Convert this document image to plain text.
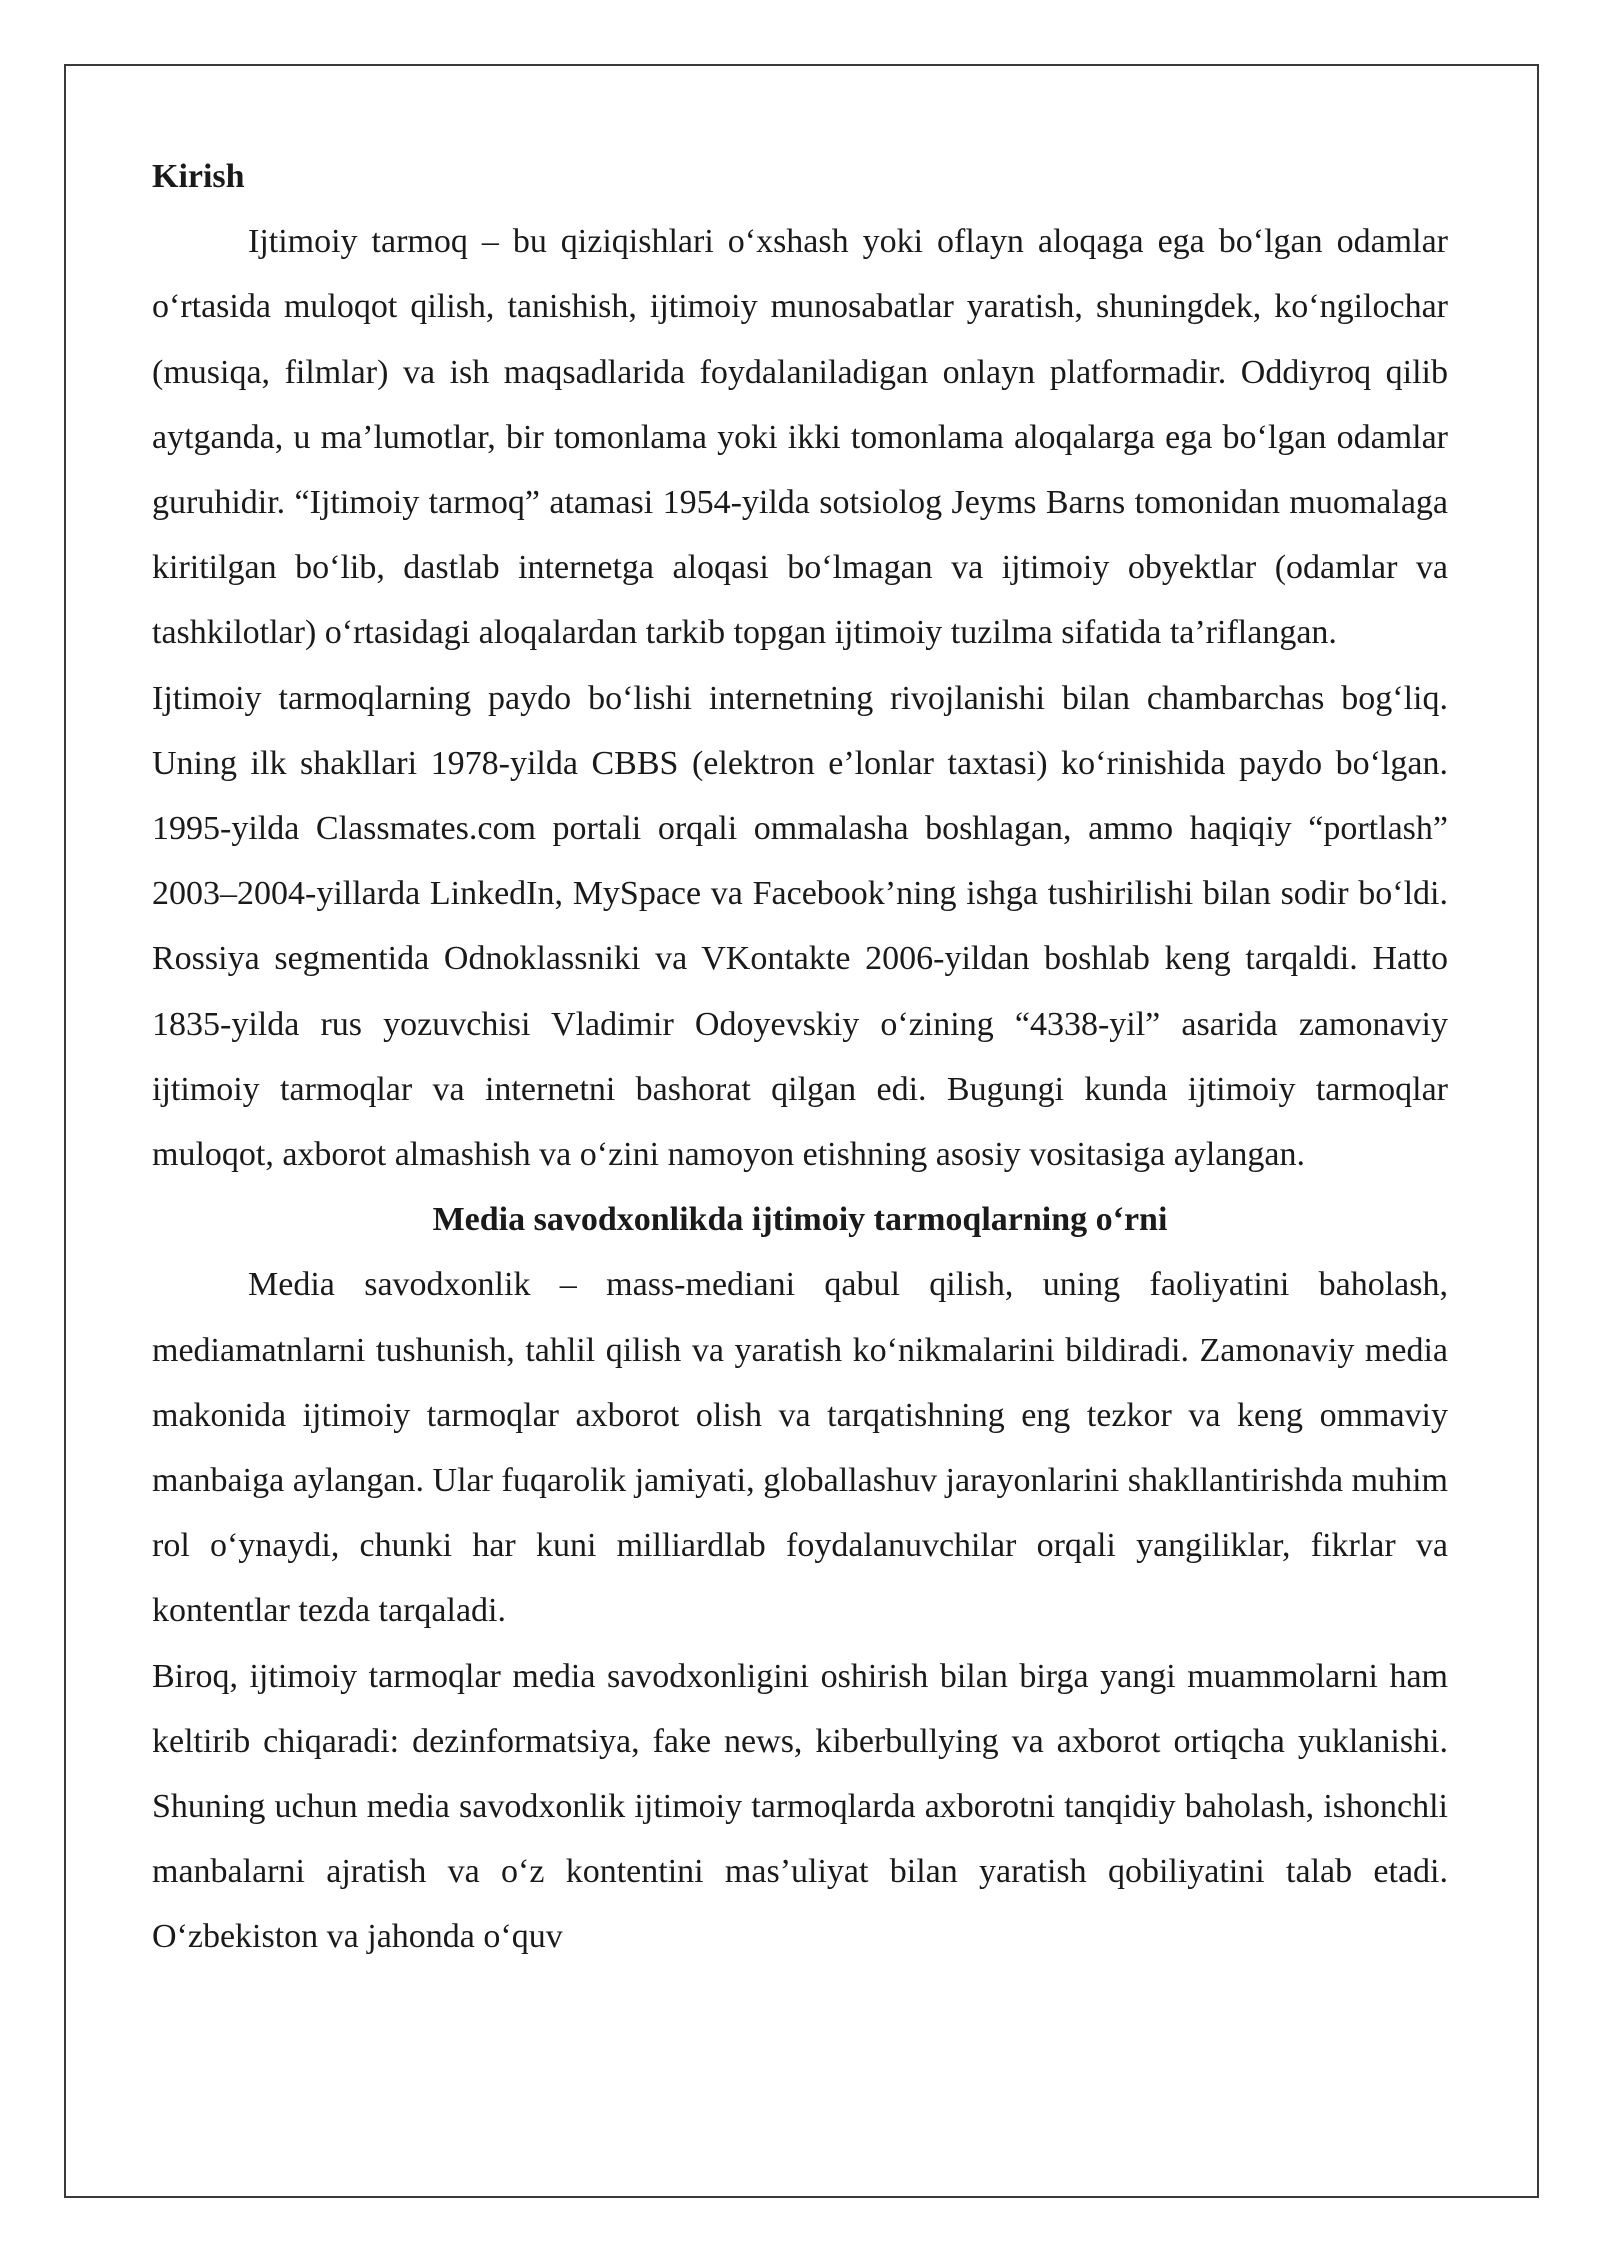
Kirish

Ijtimoiy tarmoq – bu qiziqishlari o‘xshash yoki oflayn aloqaga ega bo‘lgan odamlar o‘rtasida muloqot qilish, tanishish, ijtimoiy munosabatlar yaratish, shuningdek, ko‘ngilochar (musiqa, filmlar) va ish maqsadlarida foydalaniladigan onlayn platformadir. Oddiyroq qilib aytganda, u ma’lumotlar, bir tomonlama yoki ikki tomonlama aloqalarga ega bo‘lgan odamlar guruhidir. “Ijtimoiy tarmoq” atamasi 1954-yilda sotsiolog Jeyms Barns tomonidan muomalaga kiritilgan bo‘lib, dastlab internetga aloqasi bo‘lmagan va ijtimoiy obyektlar (odamlar va tashkilotlar) o‘rtasidagi aloqalardan tarkib topgan ijtimoiy tuzilma sifatida ta’riflangan.

Ijtimoiy tarmoqlarning paydo bo‘lishi internetning rivojlanishi bilan chambarchas bog‘liq. Uning ilk shakllari 1978-yilda CBBS (elektron e’lonlar taxtasi) ko‘rinishida paydo bo‘lgan. 1995-yilda Classmates.com portali orqali ommalasha boshlagan, ammo haqiqiy “portlash” 2003–2004-yillarda LinkedIn, MySpace va Facebook’ning ishga tushirilishi bilan sodir bo‘ldi. Rossiya segmentida Odnoklassniki va VKontakte 2006-yildan boshlab keng tarqaldi. Hatto 1835-yilda rus yozuvchisi Vladimir Odoyevskiy o‘zining “4338-yil” asarida zamonaviy ijtimoiy tarmoqlar va internetni bashorat qilgan edi. Bugungi kunda ijtimoiy tarmoqlar muloqot, axborot almashish va o‘zini namoyon etishning asosiy vositasiga aylangan.

Media savodxonlikda ijtimoiy tarmoqlarning o‘rni

Media savodxonlik – mass-mediani qabul qilish, uning faoliyatini baholash, mediamatnlarni tushunish, tahlil qilish va yaratish ko‘nikmalarini bildiradi. Zamonaviy media makonida ijtimoiy tarmoqlar axborot olish va tarqatishning eng tezkor va keng ommaviy manbaiga aylangan. Ular fuqarolik jamiyati, globallashuv jarayonlarini shakllantirishda muhim rol o‘ynaydi, chunki har kuni milliardlab foydalanuvchilar orqali yangiliklar, fikrlar va kontentlar tezda tarqaladi.

Biroq, ijtimoiy tarmoqlar media savodxonligini oshirish bilan birga yangi muammolarni ham keltirib chiqaradi: dezinformatsiya, fake news, kiberbullying va axborot ortiqcha yuklanishi. Shuning uchun media savodxonlik ijtimoiy tarmoqlarda axborotni tanqidiy baholash, ishonchli manbalarni ajratish va o‘z kontentini mas’uliyat bilan yaratish qobiliyatini talab etadi. O‘zbekiston va jahonda o‘quv
